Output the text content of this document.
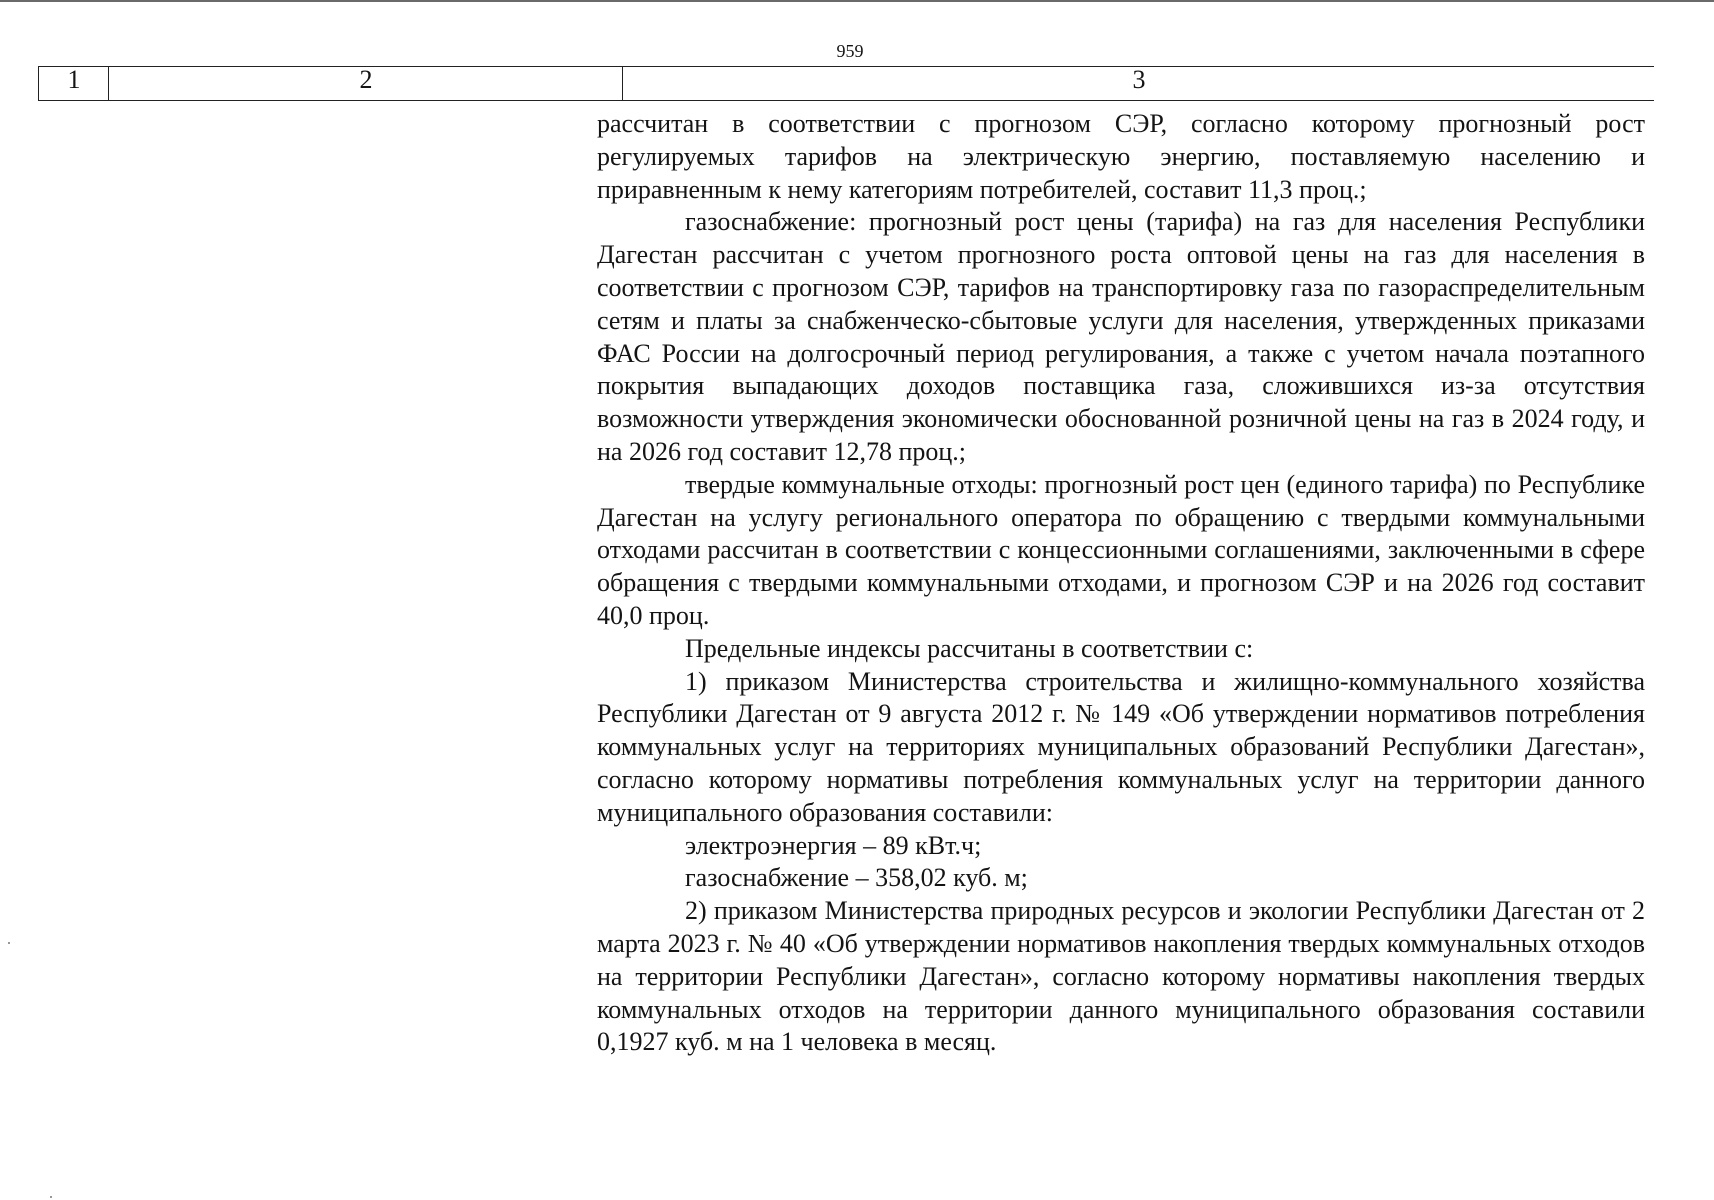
959
1	2	3

рассчитан в соответствии с прогнозом СЭР, согласно которому прогнозный рост регулируемых тарифов на электрическую энергию, поставляемую населению и приравненным к нему категориям потребителей, составит 11,3 проц.;

газоснабжение: прогнозный рост цены (тарифа) на газ для населения Республики Дагестан рассчитан с учетом прогнозного роста оптовой цены на газ для населения в соответствии с прогнозом СЭР, тарифов на транспортировку газа по газораспределительным сетям и платы за снабженческо-сбытовые услуги для населения, утвержденных приказами ФАС России на долгосрочный период регулирования, а также с учетом начала поэтапного покрытия выпадающих доходов поставщика газа, сложившихся из-за отсутствия возможности утверждения экономически обоснованной розничной цены на газ в 2024 году, и на 2026 год составит 12,78 проц.;

твердые коммунальные отходы: прогнозный рост цен (единого тарифа) по Республике Дагестан на услугу регионального оператора по обращению с твердыми коммунальными отходами рассчитан в соответствии с концессионными соглашениями, заключенными в сфере обращения с твердыми коммунальными отходами, и прогнозом СЭР и на 2026 год составит 40,0 проц.

Предельные индексы рассчитаны в соответствии с:

1) приказом Министерства строительства и жилищно-коммунального хозяйства Республики Дагестан от 9 августа 2012 г. № 149 «Об утверждении нормативов потребления коммунальных услуг на территориях муниципальных образований Республики Дагестан», согласно которому нормативы потребления коммунальных услуг на территории данного муниципального образования составили:

электроэнергия – 89 кВт.ч;

газоснабжение – 358,02 куб. м;

2) приказом Министерства природных ресурсов и экологии Республики Дагестан от 2 марта 2023 г. № 40 «Об утверждении нормативов накопления твердых коммунальных отходов на территории Республики Дагестан», согласно которому нормативы накопления твердых коммунальных отходов на территории данного муниципального образования составили 0,1927 куб. м на 1 человека в месяц.
